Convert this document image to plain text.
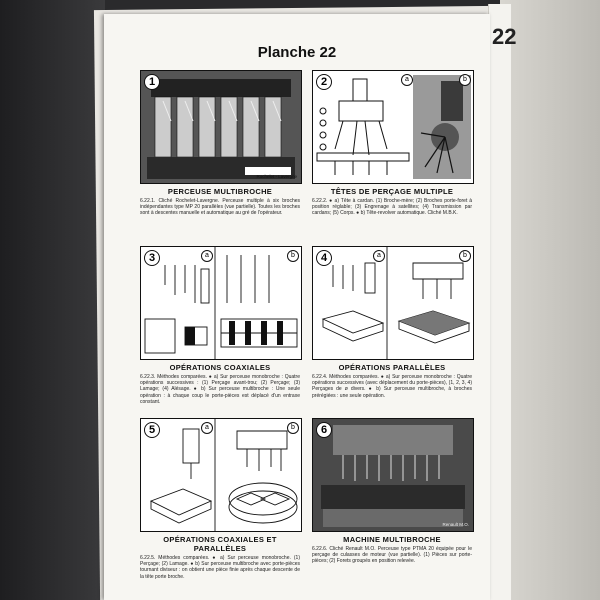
22
Planche 22
1
Rochelet - Lavergne
PERCEUSE MULTIBROCHE
6.22.1. Cliché Rochelet-Lavergne. Perceuse multiple à six broches indépendantes type MP 20 parallèles (vue partielle). Toutes les broches sont à descentes manuelle et automatique au gré de l'opérateur.
2	a	b
TÊTES DE PERÇAGE MULTIPLE
6.22.2. ● a) Tête à cardan. (1) Broche-mère; (2) Broches porte-foret à position réglable; (3) Engrenage à satellites; (4) Transmission par cardans; (5) Corps. ● b) Tête-revolver automatique. Cliché M.B.K.
3	a	b
OPÉRATIONS COAXIALES
6.22.3. Méthodes comparées. ● a) Sur perceuse monobroche : Quatre opérations successives : (1) Perçage avant-trou; (2) Perçage; (3) Lamage; (4) Alésage. ● b) Sur perceuse multibroche : Une seule opération : à chaque coup le porte-pièces est déplacé d'un entraxe constant.
4	a	b
OPÉRATIONS PARALLÈLES
6.22.4. Méthodes comparées. ● a) Sur perceuse monobroche : Quatre opérations successives (avec déplacement du porte-pièces), (1, 2, 3, 4) Perçages de ø divers. ● b) Sur perceuse multibroche, à broches prérégiées : une seule opération.
5	a	b
OPÉRATIONS COAXIALES ET PARALLÈLES
6.22.5. Méthodes comparées. ● a) Sur perceuse monobroche. (1) Perçage; (2) Lamage. ● b) Sur perceuse multibroche avec porte-pièces tournant diviseur : on obtient une pièce finie après chaque descente de la tête porte broche.
6
Renault M.O.
MACHINE MULTIBROCHE
6.22.6. Cliché Renault M.O. Perceuse type PTMA 20 équipée pour le perçage de culasses de moteur (vue partielle). (1) Pièces sur porte-pièces; (2) Forets groupés en position relevée.
